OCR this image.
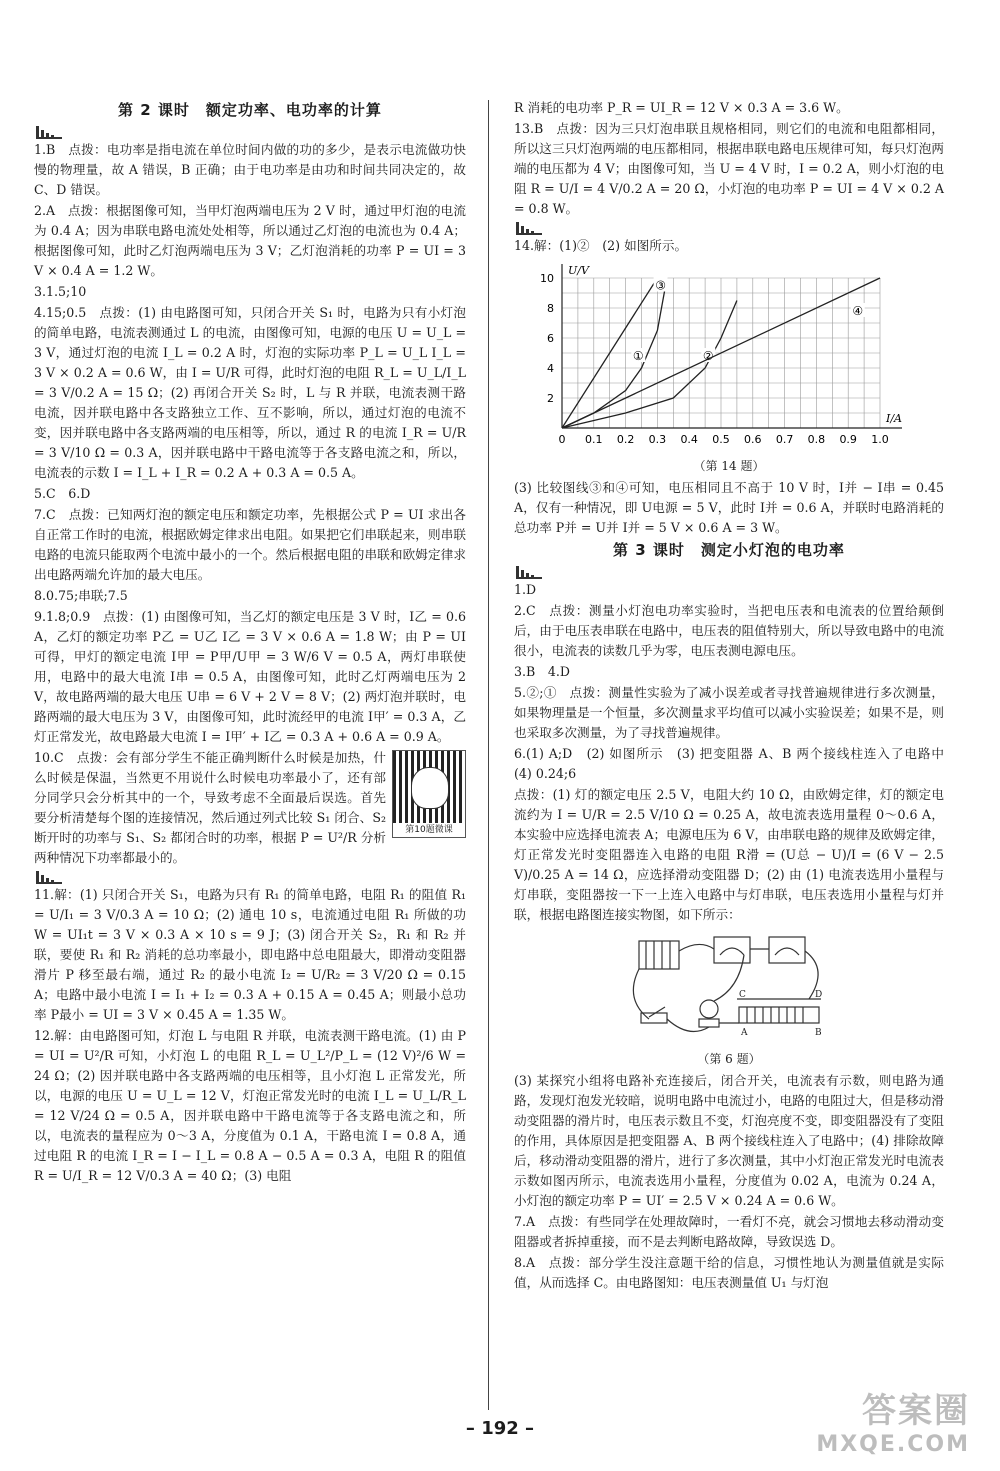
第 2 课时　额定功率、电功率的计算

1.B　点拨：电功率是指电流在单位时间内做的功的多少，是表示电流做功快慢的物理量，故 A 错误，B 正确；由于电功率是由功和时间共同决定的，故 C、D 错误。

2.A　点拨：根据图像可知，当甲灯泡两端电压为 2 V 时，通过甲灯泡的电流为 0.4 A；因为串联电路电流处处相等，所以通过乙灯泡的电流也为 0.4 A；根据图像可知，此时乙灯泡两端电压为 3 V；乙灯泡消耗的功率 P = UI = 3 V × 0.4 A = 1.2 W。

3.1.5;10

4.15;0.5　点拨：(1) 由电路图可知，只闭合开关 S₁ 时，电路为只有小灯泡的简单电路，电流表测通过 L 的电流，由图像可知，电源的电压 U = U_L = 3 V，通过灯泡的电流 I_L = 0.2 A 时，灯泡的实际功率 P_L = U_L I_L = 3 V × 0.2 A = 0.6 W，由 I = U/R 可得，此时灯泡的电阻 R_L = U_L/I_L = 3 V/0.2 A = 15 Ω；(2) 再闭合开关 S₂ 时，L 与 R 并联，电流表测干路电流，因并联电路中各支路独立工作、互不影响，所以，通过灯泡的电流不变，因并联电路中各支路两端的电压相等，所以，通过 R 的电流 I_R = U/R = 3 V/10 Ω = 0.3 A，因并联电路中干路电流等于各支路电流之和，所以，电流表的示数 I = I_L + I_R = 0.2 A + 0.3 A = 0.5 A。

5.C　6.D

7.C　点拨：已知两灯泡的额定电压和额定功率，先根据公式 P = UI 求出各自正常工作时的电流，根据欧姆定律求出电阻。如果把它们串联起来，则串联电路的电流只能取两个电流中最小的一个。然后根据电阻的串联和欧姆定律求出电路两端允许加的最大电压。

8.0.75;串联;7.5

9.1.8;0.9　点拨：(1) 由图像可知，当乙灯的额定电压是 3 V 时，I乙 = 0.6 A，乙灯的额定功率 P乙 = U乙 I乙 = 3 V × 0.6 A = 1.8 W；由 P = UI 可得，甲灯的额定电流 I甲 = P甲/U甲 = 3 W/6 V = 0.5 A，两灯串联使用，电路中的最大电流 I串 = 0.5 A，由图像可知，此时乙灯两端电压为 2 V，故电路两端的最大电压 U串 = 6 V + 2 V = 8 V；(2) 两灯泡并联时，电路两端的最大电压为 3 V，由图像可知，此时流经甲的电流 I甲′ = 0.3 A，乙灯正常发光，故电路最大电流 I = I甲′ + I乙 = 0.3 A + 0.6 A = 0.9 A。

第10题微课

10.C　点拨：会有部分学生不能正确判断什么时候是加热，什么时候是保温，当然更不用说什么时候电功率最小了，还有部分同学只会分析其中的一个，导致考虑不全面最后误选。首先要分析清楚每个图的连接情况，然后通过列式比较 S₁ 闭合、S₂ 断开时的功率与 S₁、S₂ 都闭合时的功率，根据 P = U²/R 分析两种情况下功率都最小的。

11.解：(1) 只闭合开关 S₁，电路为只有 R₁ 的简单电路，电阻 R₁ 的阻值 R₁ = U/I₁ = 3 V/0.3 A = 10 Ω；(2) 通电 10 s，电流通过电阻 R₁ 所做的功 W = UI₁t = 3 V × 0.3 A × 10 s = 9 J；(3) 闭合开关 S₂，R₁ 和 R₂ 并联，要使 R₁ 和 R₂ 消耗的总功率最小，即电路中总电阻最大，即滑动变阻器滑片 P 移至最右端，通过 R₂ 的最小电流 I₂ = U/R₂ = 3 V/20 Ω = 0.15 A；电路中最小电流 I = I₁ + I₂ = 0.3 A + 0.15 A = 0.45 A；则最小总功率 P最小 = UI = 3 V × 0.45 A = 1.35 W。

12.解：由电路图可知，灯泡 L 与电阻 R 并联，电流表测干路电流。(1) 由 P = UI = U²/R 可知，小灯泡 L 的电阻 R_L = U_L²/P_L = (12 V)²/6 W = 24 Ω；(2) 因并联电路中各支路两端的电压相等，且小灯泡 L 正常发光，所以，电源的电压 U = U_L = 12 V，灯泡正常发光时的电流 I_L = U_L/R_L = 12 V/24 Ω = 0.5 A，因并联电路中干路电流等于各支路电流之和，所以，电流表的量程应为 0～3 A，分度值为 0.1 A，干路电流 I = 0.8 A，通过电阻 R 的电流 I_R = I − I_L = 0.8 A − 0.5 A = 0.3 A，电阻 R 的阻值 R = U/I_R = 12 V/0.3 A = 40 Ω；(3) 电阻

R 消耗的电功率 P_R = UI_R = 12 V × 0.3 A = 3.6 W。

13.B　点拨：因为三只灯泡串联且规格相同，则它们的电流和电阻都相同，所以这三只灯泡两端的电压都相同，根据串联电路电压规律可知，每只灯泡两端的电压都为 4 V；由图像可知，当 U = 4 V 时，I = 0.2 A，则小灯泡的电阻 R = U/I = 4 V/0.2 A = 20 Ω，小灯泡的电功率 P = UI = 4 V × 0.2 A = 0.8 W。

14.解：(1)②　(2) 如图所示。

I/A
U/V
0 0.1 0.2 0.3 0.4 0.5 0.6 0.7 0.8 0.9 1.0
2
4
6
8
10
①	②
③
④
（第 14 题）

(3) 比较图线③和④可知，电压相同且不高于 10 V 时，I并 − I串 = 0.45 A，仅有一种情况，即 U电源 = 5 V，此时 I并 = 0.6 A，并联时电路消耗的总功率 P并 = U并 I并 = 5 V × 0.6 A = 3 W。

第 3 课时　测定小灯泡的电功率

1.D

2.C　点拨：测量小灯泡电功率实验时，当把电压表和电流表的位置给颠倒后，由于电压表串联在电路中，电压表的阻值特别大，所以导致电路中的电流很小，电流表的读数几乎为零，电压表测电源电压。

3.B　4.D

5.②;①　点拨：测量性实验为了减小误差或者寻找普遍规律进行多次测量，如果物理量是一个恒量，多次测量求平均值可以减小实验误差；如果不是，则也采取多次测量，为了寻找普遍规律。

6.(1) A;D　(2) 如图所示　(3) 把变阻器 A、B 两个接线柱连入了电路中　(4) 0.24;6

点拨：(1) 灯的额定电压 2.5 V，电阻大约 10 Ω，由欧姆定律，灯的额定电流约为 I = U/R = 2.5 V/10 Ω = 0.25 A，故电流表选用量程 0～0.6 A，本实验中应选择电流表 A；电源电压为 6 V，由串联电路的规律及欧姆定律，灯正常发光时变阻器连入电路的电阻 R滑 = (U总 − U)/I = (6 V − 2.5 V)/0.25 A = 14 Ω，应选择滑动变阻器 D；(2) 由 (1) 电流表选用小量程与灯串联，变阻器按一下一上连入电路中与灯串联，电压表选用小量程与灯并联，根据电路图连接实物图，如下所示：

A	B
C	D
（第 6 题）

(3) 某探究小组将电路补充连接后，闭合开关，电流表有示数，则电路为通路，发现灯泡发光较暗，说明电路中电流过小，电路的电阻过大，但是移动滑动变阻器的滑片时，电压表示数且不变，灯泡亮度不变，即变阻器没有了变阻的作用，具体原因是把变阻器 A、B 两个接线柱连入了电路中；(4) 排除故障后，移动滑动变阻器的滑片，进行了多次测量，其中小灯泡正常发光时电流表示数如图丙所示，电流表选用小量程，分度值为 0.02 A，电流为 0.24 A，小灯泡的额定功率 P = UI′ = 2.5 V × 0.24 A = 0.6 W。

7.A　点拨：有些同学在处理故障时，一看灯不亮，就会习惯地去移动滑动变阻器或者拆掉重接，而不是去判断电路故障，导致误选 D。

8.A　点拨：部分学生没注意题干给的信息，习惯性地认为测量值就是实际值，从而选择 C。由电路图知：电压表测量值 U₁ 与灯泡

– 192 –	答案圈
MXQE.COM
